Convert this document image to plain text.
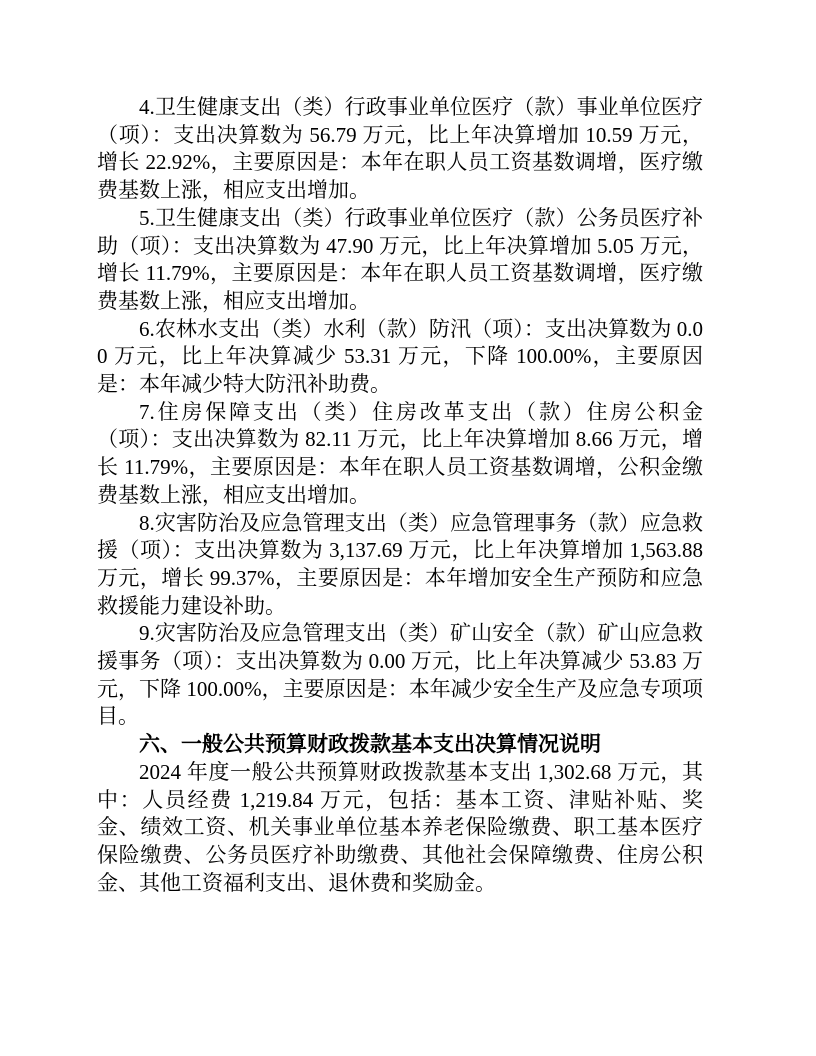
4.卫生健康支出（类）行政事业单位医疗（款）事业单位医疗（项）：支出决算数为 56.79 万元，比上年决算增加 10.59 万元，增长 22.92%，主要原因是：本年在职人员工资基数调增，医疗缴费基数上涨，相应支出增加。

5.卫生健康支出（类）行政事业单位医疗（款）公务员医疗补助（项）：支出决算数为 47.90 万元，比上年决算增加 5.05 万元，增长 11.79%，主要原因是：本年在职人员工资基数调增，医疗缴费基数上涨，相应支出增加。

6.农林水支出（类）水利（款）防汛（项）：支出决算数为 0.00 万元，比上年决算减少 53.31 万元，下降 100.00%，主要原因是：本年减少特大防汛补助费。

7.住房保障支出（类）住房改革支出（款）住房公积金（项）：支出决算数为 82.11 万元，比上年决算增加 8.66 万元，增长 11.79%，主要原因是：本年在职人员工资基数调增，公积金缴费基数上涨，相应支出增加。

8.灾害防治及应急管理支出（类）应急管理事务（款）应急救援（项）：支出决算数为 3,137.69 万元，比上年决算增加 1,563.88 万元，增长 99.37%，主要原因是：本年增加安全生产预防和应急救援能力建设补助。

9.灾害防治及应急管理支出（类）矿山安全（款）矿山应急救援事务（项）：支出决算数为 0.00 万元，比上年决算减少 53.83 万元，下降 100.00%，主要原因是：本年减少安全生产及应急专项项目。

六、一般公共预算财政拨款基本支出决算情况说明

2024 年度一般公共预算财政拨款基本支出 1,302.68 万元，其中：人员经费 1,219.84 万元，包括：基本工资、津贴补贴、奖金、绩效工资、机关事业单位基本养老保险缴费、职工基本医疗保险缴费、公务员医疗补助缴费、其他社会保障缴费、住房公积金、其他工资福利支出、退休费和奖励金。
